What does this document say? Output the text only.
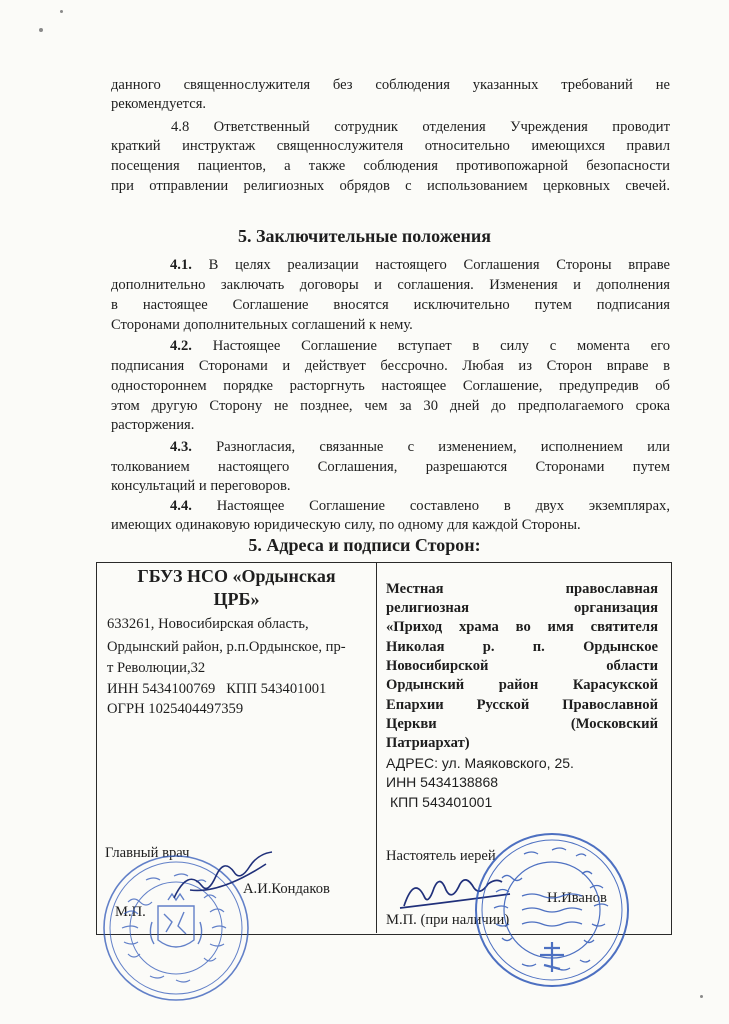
данного священнослужителя без соблюдения указанных требований не
рекомендуется.
4.8 Ответственный сотрудник отделения Учреждения проводит
краткий инструктаж священнослужителя относительно имеющихся правил
посещения пациентов, а также соблюдения противопожарной безопасности
при отправлении религиозных обрядов с использованием церковных свечей.
5. Заключительные положения
4.1. В целях реализации настоящего Соглашения Стороны вправе
дополнительно заключать договоры и соглашения. Изменения и дополнения
в настоящее Соглашение вносятся исключительно путем подписания
Сторонами дополнительных соглашений к нему.
4.2. Настоящее Соглашение вступает в силу с момента его
подписания Сторонами и действует бессрочно. Любая из Сторон вправе в
одностороннем порядке расторгнуть настоящее Соглашение, предупредив об
этом другую Сторону не позднее, чем за 30 дней до предполагаемого срока
расторжения.
4.3. Разногласия, связанные с изменением, исполнением или
толкованием настоящего Соглашения, разрешаются Сторонами путем
консультаций и переговоров.
4.4. Настоящее Соглашение составлено в двух экземплярах,
имеющих одинаковую юридическую силу, по одному для каждой Стороны.
5. Адреса и подписи Сторон:
ГБУЗ НСО «Ордынская
ЦРБ»
633261, Новосибирская область,
Ордынский район, р.п.Ордынское, пр-
т Революции,32
ИНН 5434100769 КПП 543401001
ОГРН 1025404497359
Главный врач
А.И.Кондаков
М.П.
Местная православная
религиозная организация
«Приход храма во имя святителя
Николая р. п. Ордынское
Новосибирской области
Ордынский район Карасукской
Епархии Русской Православной
Церкви (Московский
Патриархат)
АДРЕС: ул. Маяковского, 25.
ИНН 5434138868
КПП 543401001
Настоятель иерей
Н.Иванов
М.П. (при наличии)
